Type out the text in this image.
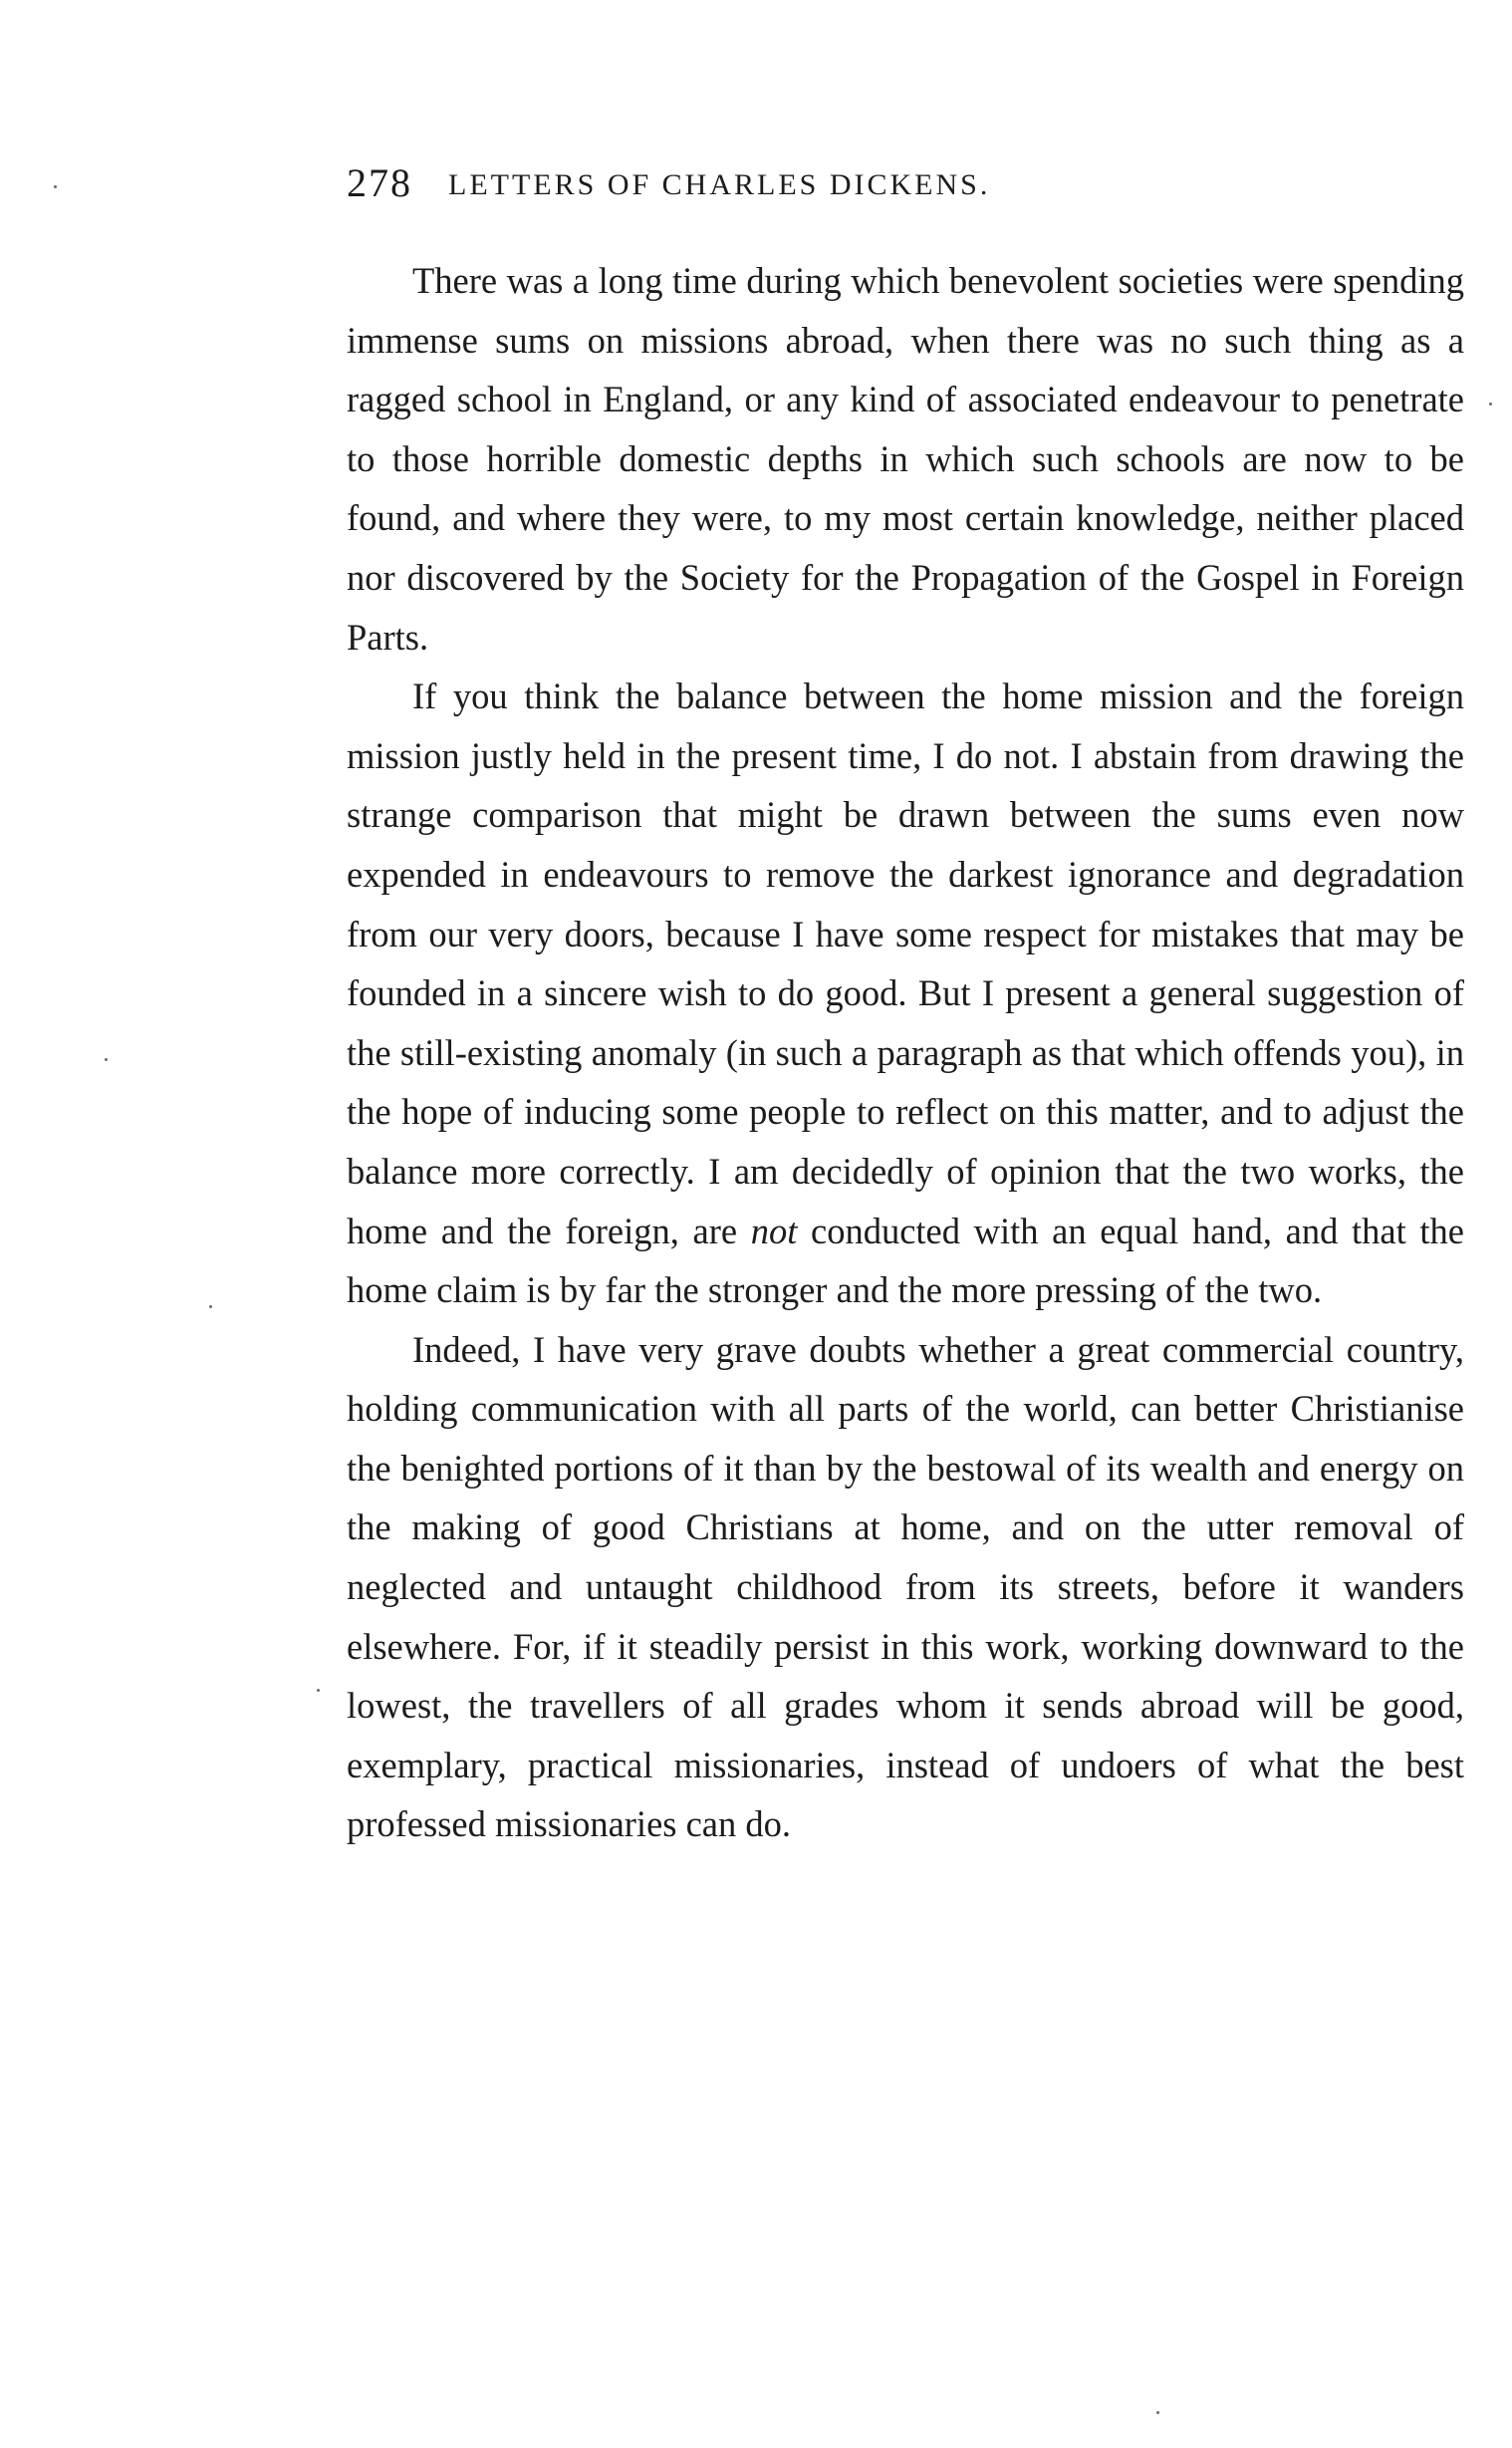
278 LETTERS OF CHARLES DICKENS.

There was a long time during which benevolent societies were spending immense sums on missions abroad, when there was no such thing as a ragged school in England, or any kind of associated endeavour to penetrate to those horrible domestic depths in which such schools are now to be found, and where they were, to my most certain knowledge, neither placed nor discovered by the Society for the Propagation of the Gospel in Foreign Parts.

If you think the balance between the home mission and the foreign mission justly held in the present time, I do not. I abstain from drawing the strange comparison that might be drawn between the sums even now expended in endeavours to remove the darkest ignorance and degradation from our very doors, because I have some respect for mistakes that may be founded in a sincere wish to do good. But I present a general suggestion of the still-existing anomaly (in such a paragraph as that which offends you), in the hope of inducing some people to reflect on this matter, and to adjust the balance more correctly. I am decidedly of opinion that the two works, the home and the foreign, are not conducted with an equal hand, and that the home claim is by far the stronger and the more pressing of the two.

Indeed, I have very grave doubts whether a great commercial country, holding communication with all parts of the world, can better Christianise the benighted portions of it than by the bestowal of its wealth and energy on the making of good Christians at home, and on the utter removal of neglected and untaught childhood from its streets, before it wanders elsewhere. For, if it steadily persist in this work, working downward to the lowest, the travellers of all grades whom it sends abroad will be good, exemplary, practical missionaries, instead of undoers of what the best professed missionaries can do.
